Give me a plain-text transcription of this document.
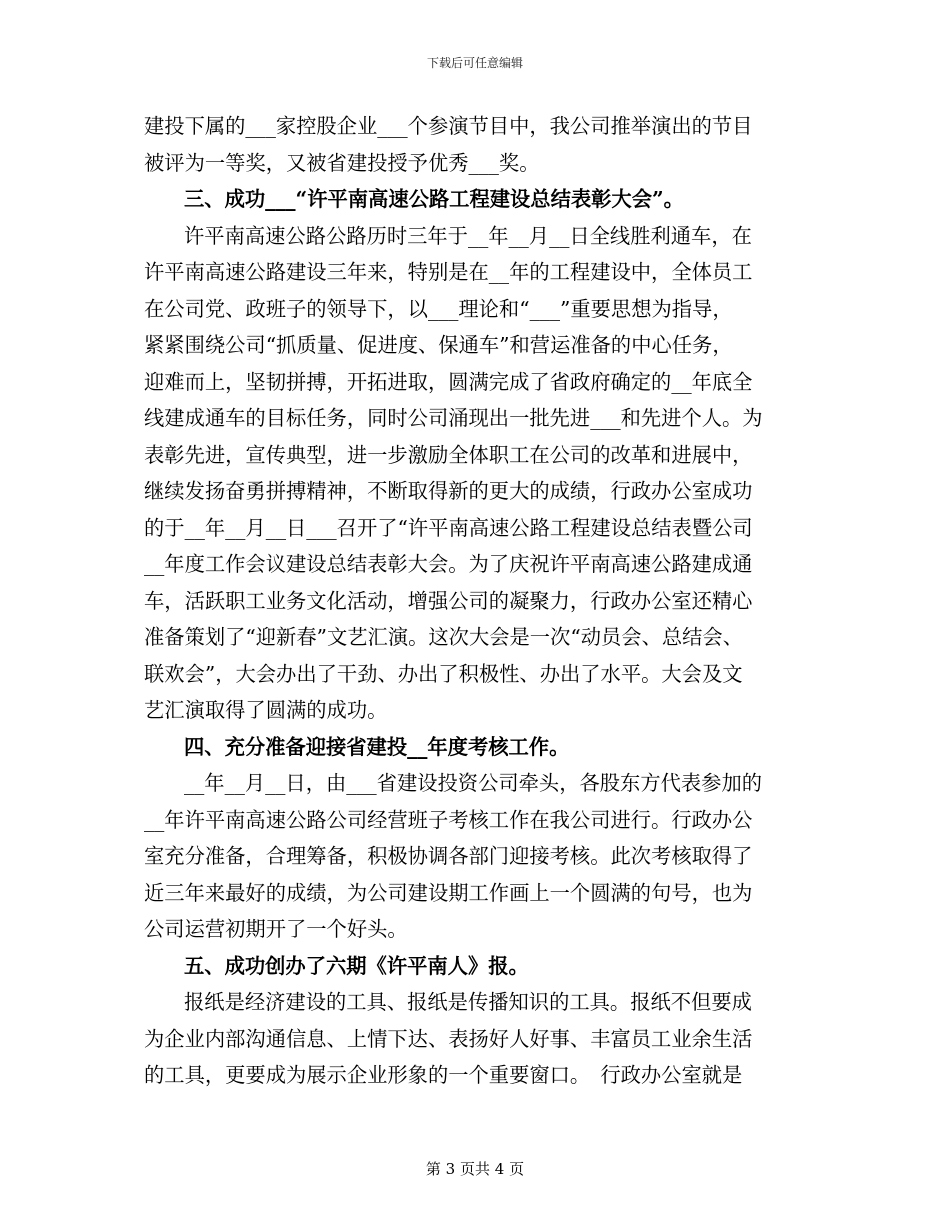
下载后可任意编辑
建投下属的___家控股企业___个参演节目中，我公司推举演出的节目
被评为一等奖，又被省建投授予优秀___奖。
三、成功___“许平南高速公路工程建设总结表彰大会”。
许平南高速公路公路历时三年于__年__月__日全线胜利通车，在
许平南高速公路建设三年来，特别是在__年的工程建设中，全体员工
在公司党、政班子的领导下，以___理论和“___”重要思想为指导，
紧紧围绕公司“抓质量、促进度、保通车”和营运准备的中心任务，
迎难而上，坚韧拼搏，开拓进取，圆满完成了省政府确定的__年底全
线建成通车的目标任务，同时公司涌现出一批先进___和先进个人。为
表彰先进，宣传典型，进一步激励全体职工在公司的改革和进展中，
继续发扬奋勇拼搏精神，不断取得新的更大的成绩，行政办公室成功
的于__年__月__日___召开了“许平南高速公路工程建设总结表暨公司
__年度工作会议建设总结表彰大会。为了庆祝许平南高速公路建成通
车，活跃职工业务文化活动，增强公司的凝聚力，行政办公室还精心
准备策划了“迎新春”文艺汇演。这次大会是一次“动员会、总结会、
联欢会”，大会办出了干劲、办出了积极性、办出了水平。大会及文
艺汇演取得了圆满的成功。
四、充分准备迎接省建投__年度考核工作。
__年__月__日，由___省建设投资公司牵头，各股东方代表参加的
__年许平南高速公路公司经营班子考核工作在我公司进行。行政办公
室充分准备，合理筹备，积极协调各部门迎接考核。此次考核取得了
近三年来最好的成绩，为公司建设期工作画上一个圆满的句号，也为
公司运营初期开了一个好头。
五、成功创办了六期《许平南人》报。
报纸是经济建设的工具、报纸是传播知识的工具。报纸不但要成
为企业内部沟通信息、上情下达、表扬好人好事、丰富员工业余生活
的工具，更要成为展示企业形象的一个重要窗口。　行政办公室就是
第 3 页共 4 页
